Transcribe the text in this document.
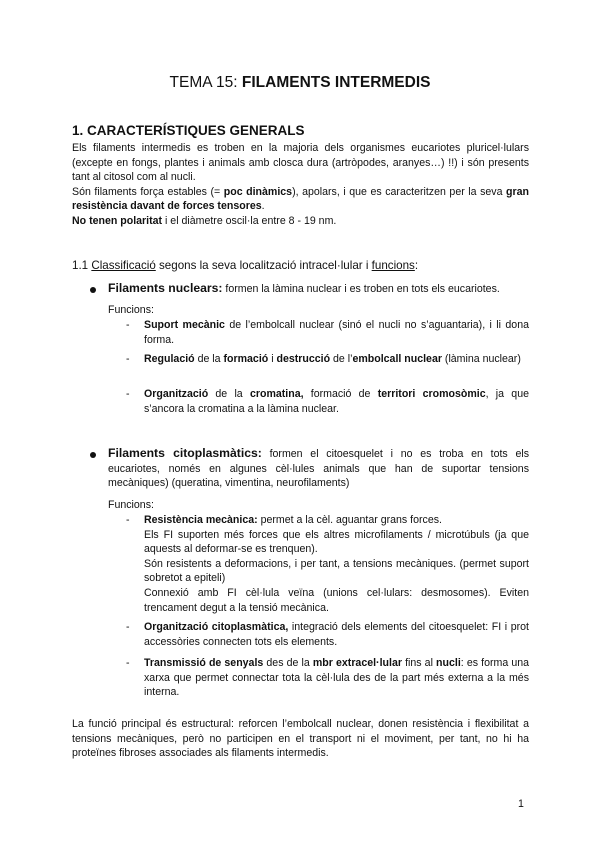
TEMA 15: FILAMENTS INTERMEDIS
1. CARACTERÍSTIQUES GENERALS
Els filaments intermedis es troben en la majoria dels organismes eucariotes pluricel·lulars (excepte en fongs, plantes i animals amb closca dura (artròpodes, aranyes…) !!) i són presents tant al citosol com al nucli.
Són filaments força estables (= poc dinàmics), apolars, i que es caracteritzen per la seva gran resistència davant de forces tensores.
No tenen polaritat i el diàmetre oscil·la entre 8 - 19 nm.
1.1 Classificació segons la seva localització intracel·lular i funcions:
Filaments nuclears: formen la làmina nuclear i es troben en tots els eucariotes.
Funcions:
- Suport mecànic de l’embolcall nuclear (sinó el nucli no s’aguantaria), i li dona forma.
- Regulació de la formació i destrucció de l’embolcall nuclear (làmina nuclear)
- Organització de la cromatina, formació de territori cromosòmic, ja que s’ancora la cromatina a la làmina nuclear.
Filaments citoplasmàtics: formen el citoesquelet i no es troba en tots els eucariotes, només en algunes cèl·lules animals que han de suportar tensions mecàniques) (queratina, vimentina, neurofilaments)
Funcions:
- Resistència mecànica: permet a la cèl. aguantar grans forces.
Els FI suporten més forces que els altres microfilaments / microtúbuls (ja que aquests al deformar-se es trenquen).
Són resistents a deformacions, i per tant, a tensions mecàniques. (permet suport sobretot a epiteli)
Connexió amb FI cèl·lula veïna (unions cel·lulars: desmosomes). Eviten trencament degut a la tensió mecànica.
- Organització citoplasmàtica, integració dels elements del citoesquelet: FI i prot accessòries connecten tots els elements.
- Transmissió de senyals des de la mbr extracel·lular fins al nucli: es forma una xarxa que permet connectar tota la cèl·lula des de la part més externa a la més interna.
La funció principal és estructural: reforcen l’embolcall nuclear, donen resistència i flexibilitat a tensions mecàniques, però no participen en el transport ni el moviment, per tant, no hi ha proteïnes fibroses associades als filaments intermedis.
1
